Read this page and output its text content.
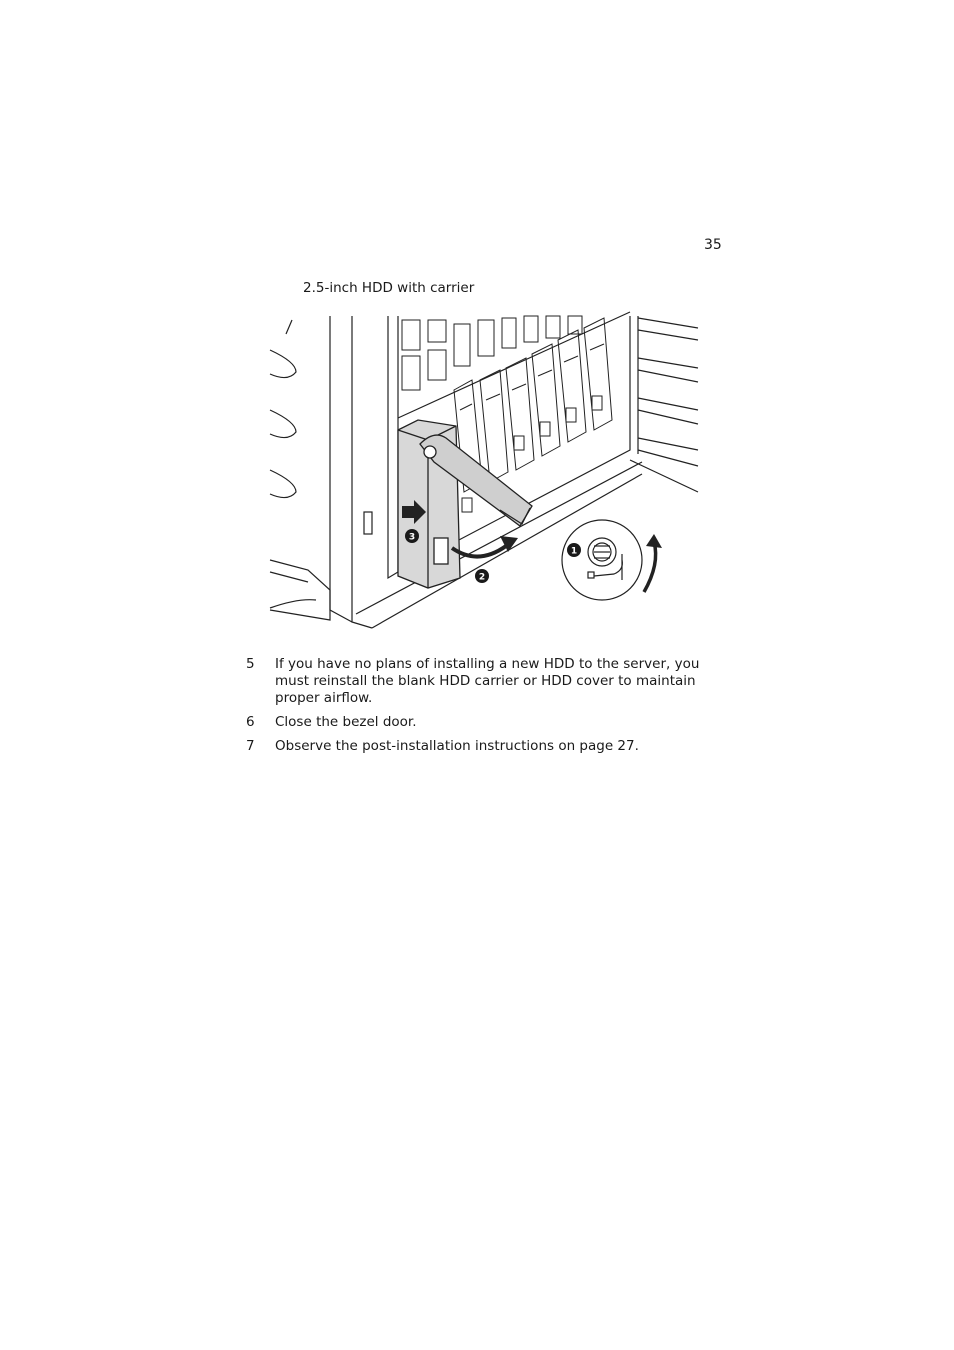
35
2.5-inch HDD with carrier
1
2
3
5 If you have no plans of installing a new HDD to the server, you must reinstall the blank HDD carrier or HDD cover to maintain proper airflow.
6 Close the bezel door.
7 Observe the post-installation instructions on page 27.
